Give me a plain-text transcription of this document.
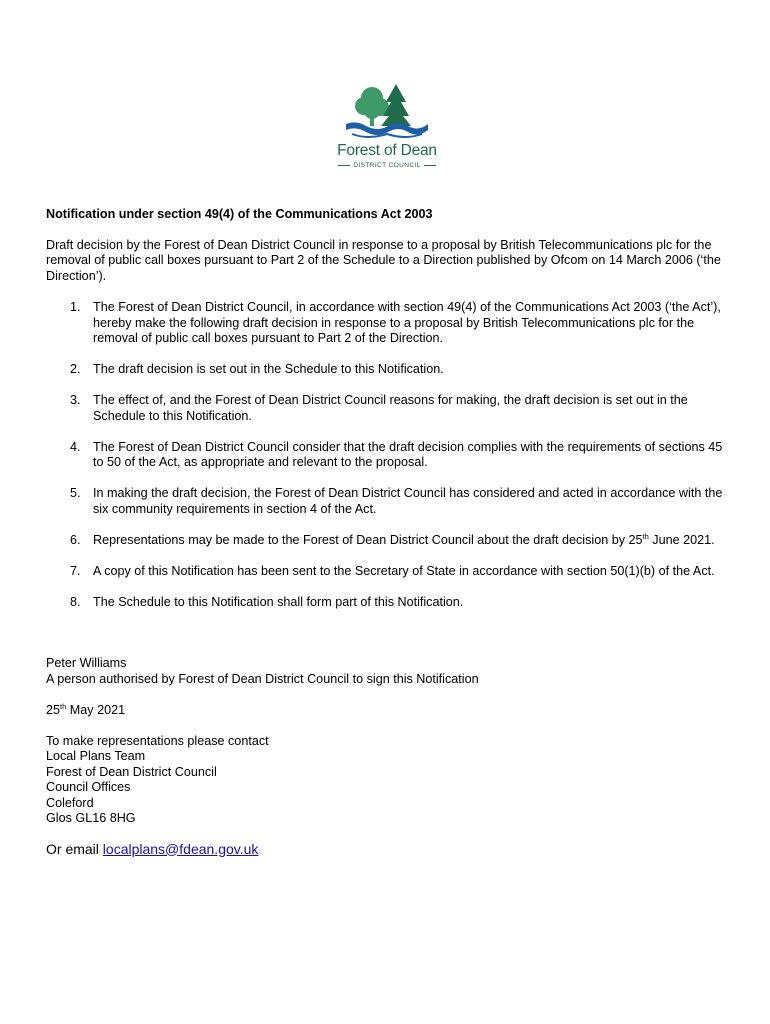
Forest of Dean
DISTRICT COUNCIL
Notification under section 49(4) of the Communications Act 2003

Draft decision by the Forest of Dean District Council in response to a proposal by British Telecommunications plc for the removal of public call boxes pursuant to Part 2 of the Schedule to a Direction published by Ofcom on 14 March 2006 (‘the Direction’).

1. The Forest of Dean District Council, in accordance with section 49(4) of the Communications Act 2003 (‘the Act’), hereby make the following draft decision in response to a proposal by British Telecommunications plc for the removal of public call boxes pursuant to Part 2 of the Direction.
2. The draft decision is set out in the Schedule to this Notification.
3. The effect of, and the Forest of Dean District Council reasons for making, the draft decision is set out in the Schedule to this Notification.
4. The Forest of Dean District Council consider that the draft decision complies with the requirements of sections 45 to 50 of the Act, as appropriate and relevant to the proposal.
5. In making the draft decision, the Forest of Dean District Council has considered and acted in accordance with the six community requirements in section 4 of the Act.
6. Representations may be made to the Forest of Dean District Council about the draft decision by 25th June 2021.
7. A copy of this Notification has been sent to the Secretary of State in accordance with section 50(1)(b) of the Act.
8. The Schedule to this Notification shall form part of this Notification.

Peter Williams

A person authorised by Forest of Dean District Council to sign this Notification

25th May 2021

To make representations please contact

Local Plans Team

Forest of Dean District Council

Council Offices

Coleford

Glos GL16 8HG

Or email localplans@fdean.gov.uk
